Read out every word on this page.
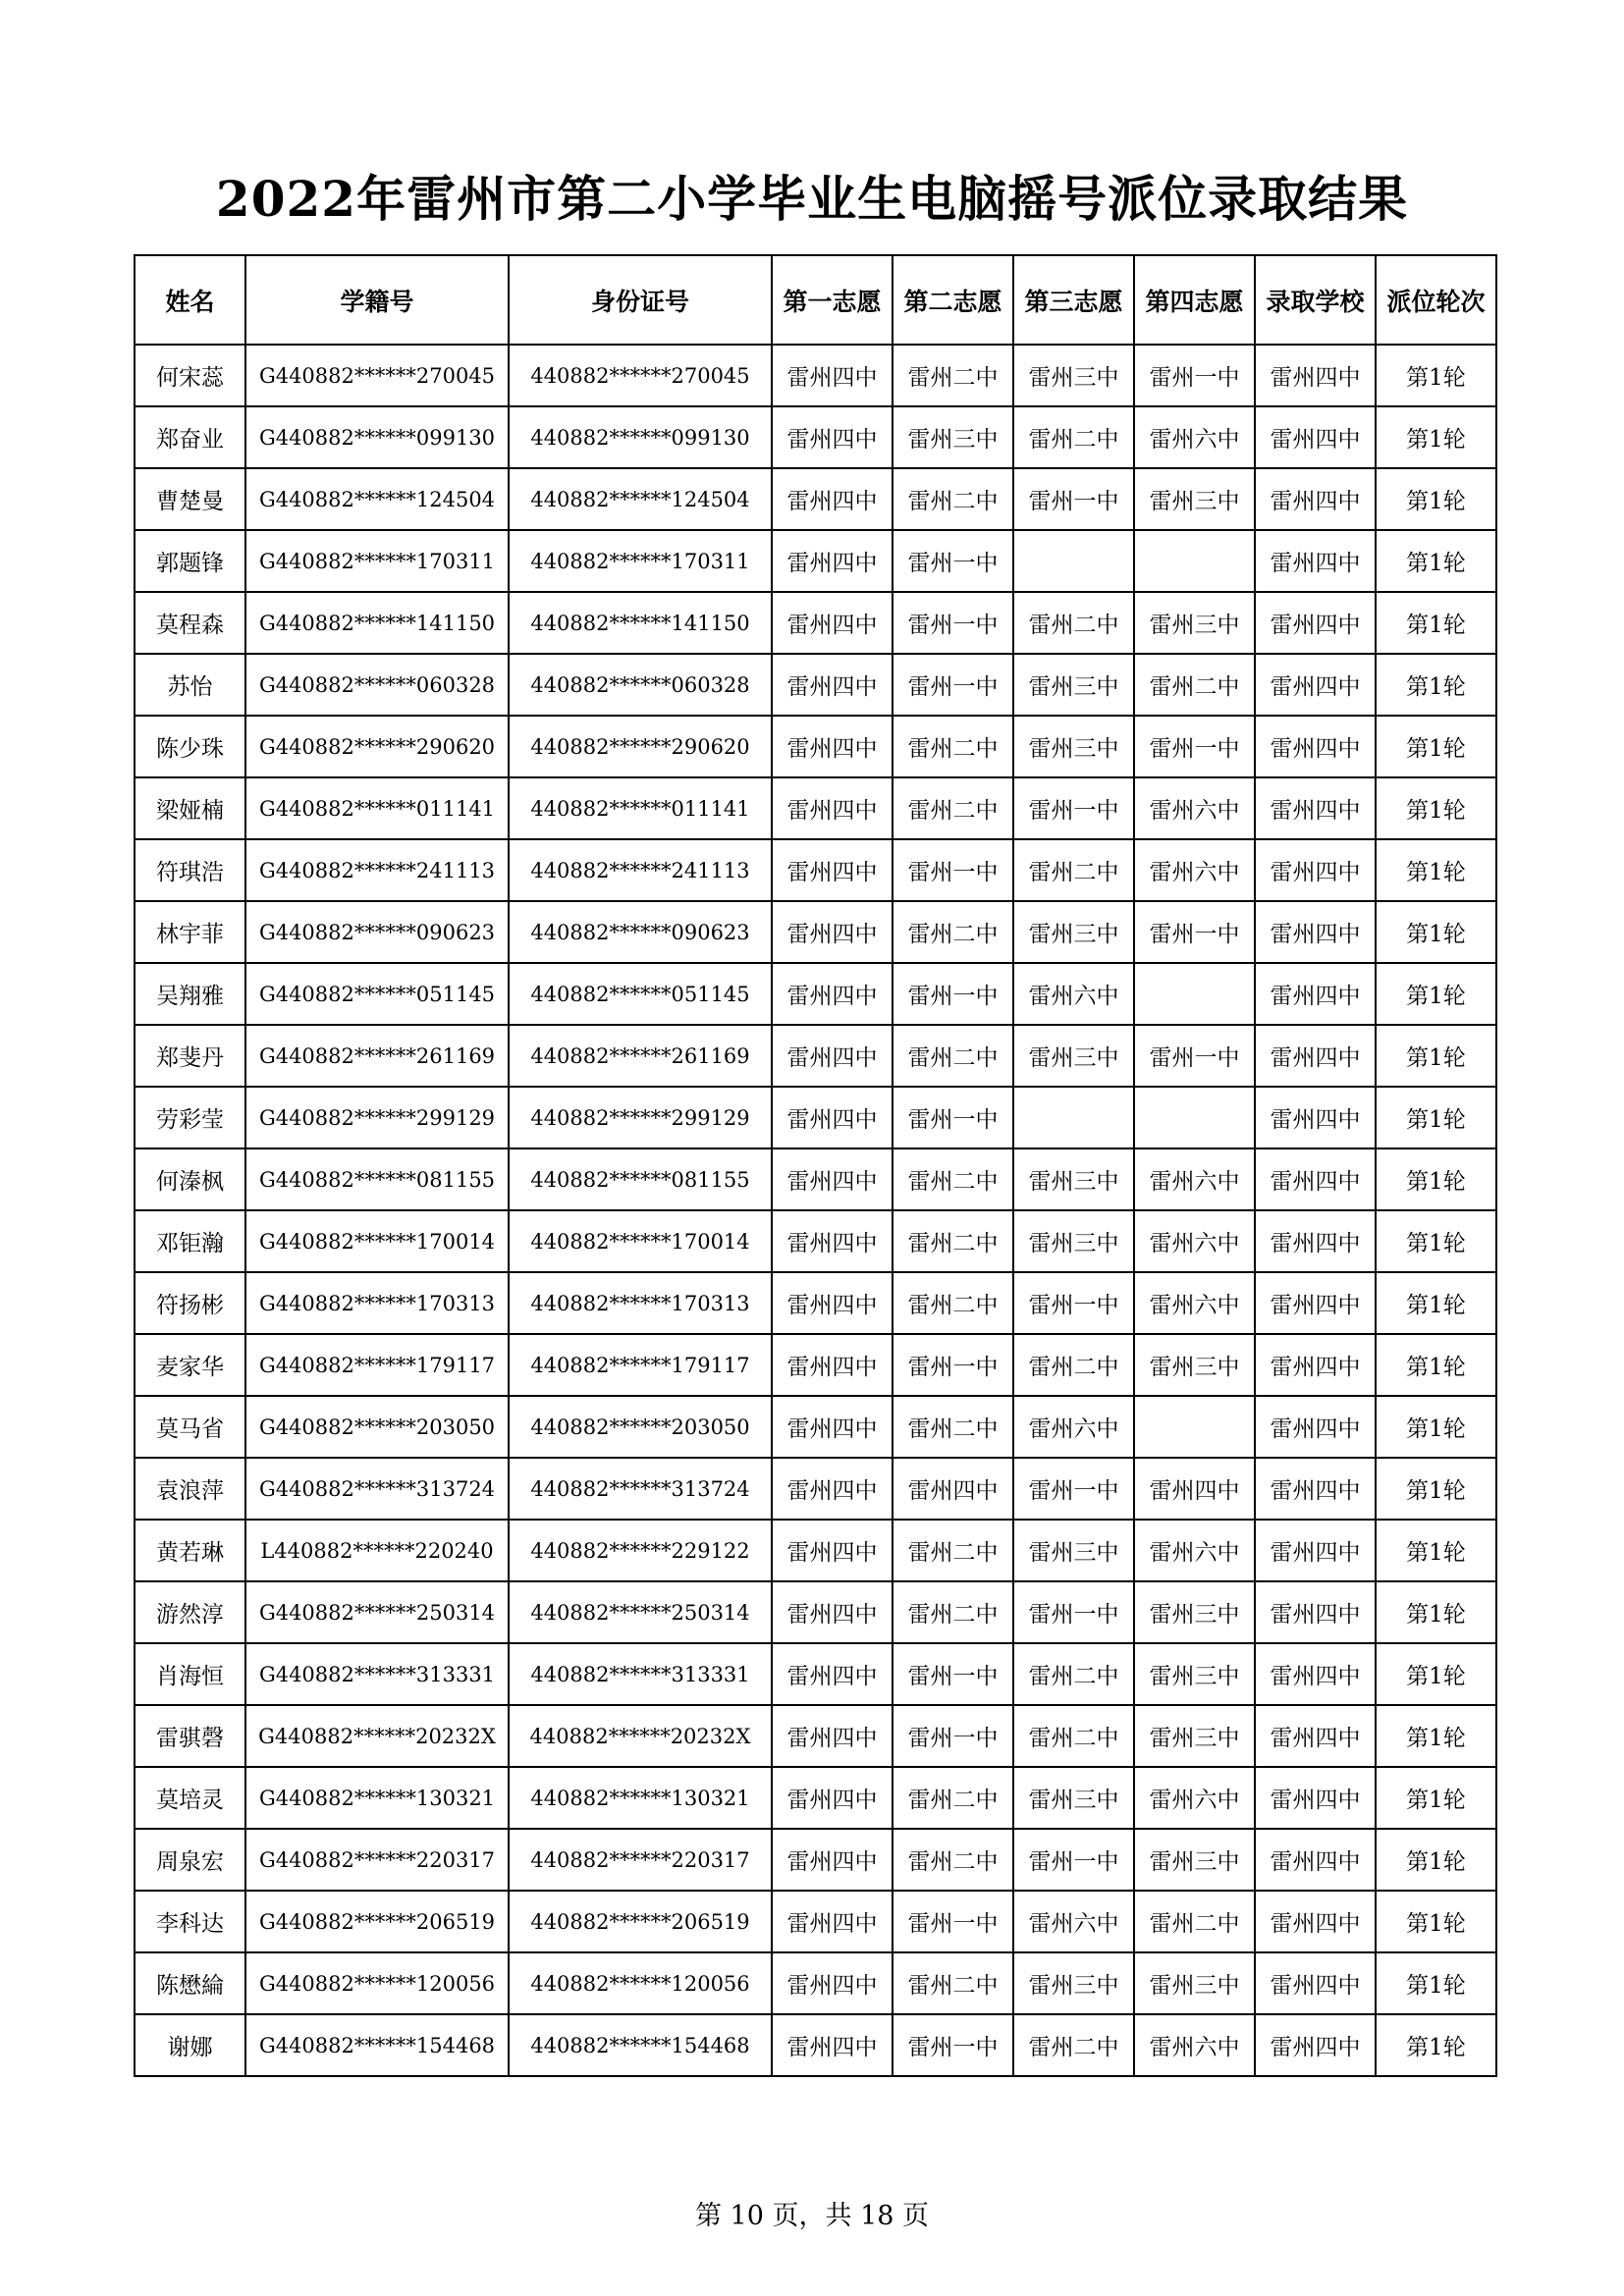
2022年雷州市第二小学毕业生电脑摇号派位录取结果
姓名	学籍号	身份证号	第一志愿	第二志愿	第三志愿	第四志愿	录取学校	派位轮次
何宋蕊	G440882******270045	440882******270045	雷州四中	雷州二中	雷州三中	雷州一中	雷州四中	第1轮
郑奋业	G440882******099130	440882******099130	雷州四中	雷州三中	雷州二中	雷州六中	雷州四中	第1轮
曹楚曼	G440882******124504	440882******124504	雷州四中	雷州二中	雷州一中	雷州三中	雷州四中	第1轮
郭题锋	G440882******170311	440882******170311	雷州四中	雷州一中			雷州四中	第1轮
莫程森	G440882******141150	440882******141150	雷州四中	雷州一中	雷州二中	雷州三中	雷州四中	第1轮
苏怡	G440882******060328	440882******060328	雷州四中	雷州一中	雷州三中	雷州二中	雷州四中	第1轮
陈少珠	G440882******290620	440882******290620	雷州四中	雷州二中	雷州三中	雷州一中	雷州四中	第1轮
梁娅楠	G440882******011141	440882******011141	雷州四中	雷州二中	雷州一中	雷州六中	雷州四中	第1轮
符琪浩	G440882******241113	440882******241113	雷州四中	雷州一中	雷州二中	雷州六中	雷州四中	第1轮
林宇菲	G440882******090623	440882******090623	雷州四中	雷州二中	雷州三中	雷州一中	雷州四中	第1轮
吴翔雅	G440882******051145	440882******051145	雷州四中	雷州一中	雷州六中		雷州四中	第1轮
郑斐丹	G440882******261169	440882******261169	雷州四中	雷州二中	雷州三中	雷州一中	雷州四中	第1轮
劳彩莹	G440882******299129	440882******299129	雷州四中	雷州一中			雷州四中	第1轮
何溱枫	G440882******081155	440882******081155	雷州四中	雷州二中	雷州三中	雷州六中	雷州四中	第1轮
邓钜瀚	G440882******170014	440882******170014	雷州四中	雷州二中	雷州三中	雷州六中	雷州四中	第1轮
符扬彬	G440882******170313	440882******170313	雷州四中	雷州二中	雷州一中	雷州六中	雷州四中	第1轮
麦家华	G440882******179117	440882******179117	雷州四中	雷州一中	雷州二中	雷州三中	雷州四中	第1轮
莫马省	G440882******203050	440882******203050	雷州四中	雷州二中	雷州六中		雷州四中	第1轮
袁浪萍	G440882******313724	440882******313724	雷州四中	雷州四中	雷州一中	雷州四中	雷州四中	第1轮
黄若琳	L440882******220240	440882******229122	雷州四中	雷州二中	雷州三中	雷州六中	雷州四中	第1轮
游然淳	G440882******250314	440882******250314	雷州四中	雷州二中	雷州一中	雷州三中	雷州四中	第1轮
肖海恒	G440882******313331	440882******313331	雷州四中	雷州一中	雷州二中	雷州三中	雷州四中	第1轮
雷骐磬	G440882******20232X	440882******20232X	雷州四中	雷州一中	雷州二中	雷州三中	雷州四中	第1轮
莫培灵	G440882******130321	440882******130321	雷州四中	雷州二中	雷州三中	雷州六中	雷州四中	第1轮
周泉宏	G440882******220317	440882******220317	雷州四中	雷州二中	雷州一中	雷州三中	雷州四中	第1轮
李科达	G440882******206519	440882******206519	雷州四中	雷州一中	雷州六中	雷州二中	雷州四中	第1轮
陈懋綸	G440882******120056	440882******120056	雷州四中	雷州二中	雷州三中	雷州三中	雷州四中	第1轮
谢娜	G440882******154468	440882******154468	雷州四中	雷州一中	雷州二中	雷州六中	雷州四中	第1轮
第 10 页，共 18 页
